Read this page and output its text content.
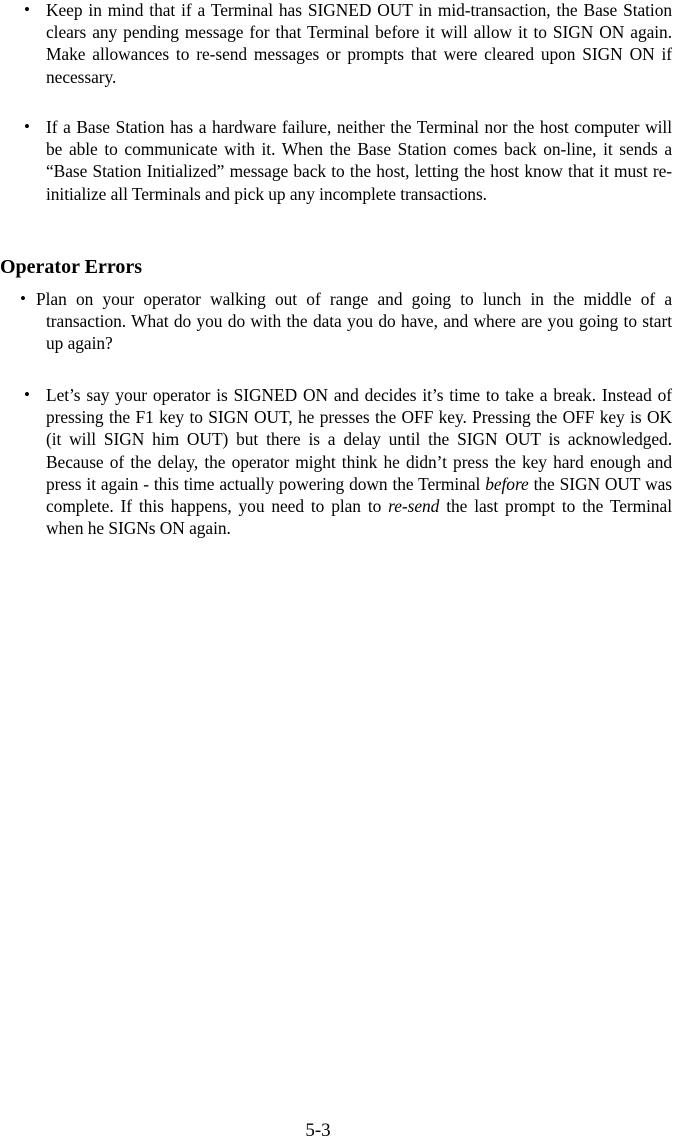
• Keep in mind that if a Terminal has SIGNED OUT in mid-transaction, the Base Station clears any pending message for that Terminal before it will allow it to SIGN ON again. Make allowances to re-send messages or prompts that were cleared upon SIGN ON if necessary.
• If a Base Station has a hardware failure, neither the Terminal nor the host computer will be able to communicate with it. When the Base Station comes back on-line, it sends a “Base Station Initialized” message back to the host, letting the host know that it must re-initialize all Terminals and pick up any incomplete transactions.
Operator Errors
• Plan on your operator walking out of range and going to lunch in the middle of a transaction. What do you do with the data you do have, and where are you going to start up again?
• Let’s say your operator is SIGNED ON and decides it’s time to take a break. Instead of pressing the F1 key to SIGN OUT, he presses the OFF key. Pressing the OFF key is OK (it will SIGN him OUT) but there is a delay until the SIGN OUT is acknowledged. Because of the delay, the operator might think he didn’t press the key hard enough and press it again - this time actually powering down the Terminal before the SIGN OUT was complete. If this happens, you need to plan to re-send the last prompt to the Terminal when he SIGNs ON again.
5-3
